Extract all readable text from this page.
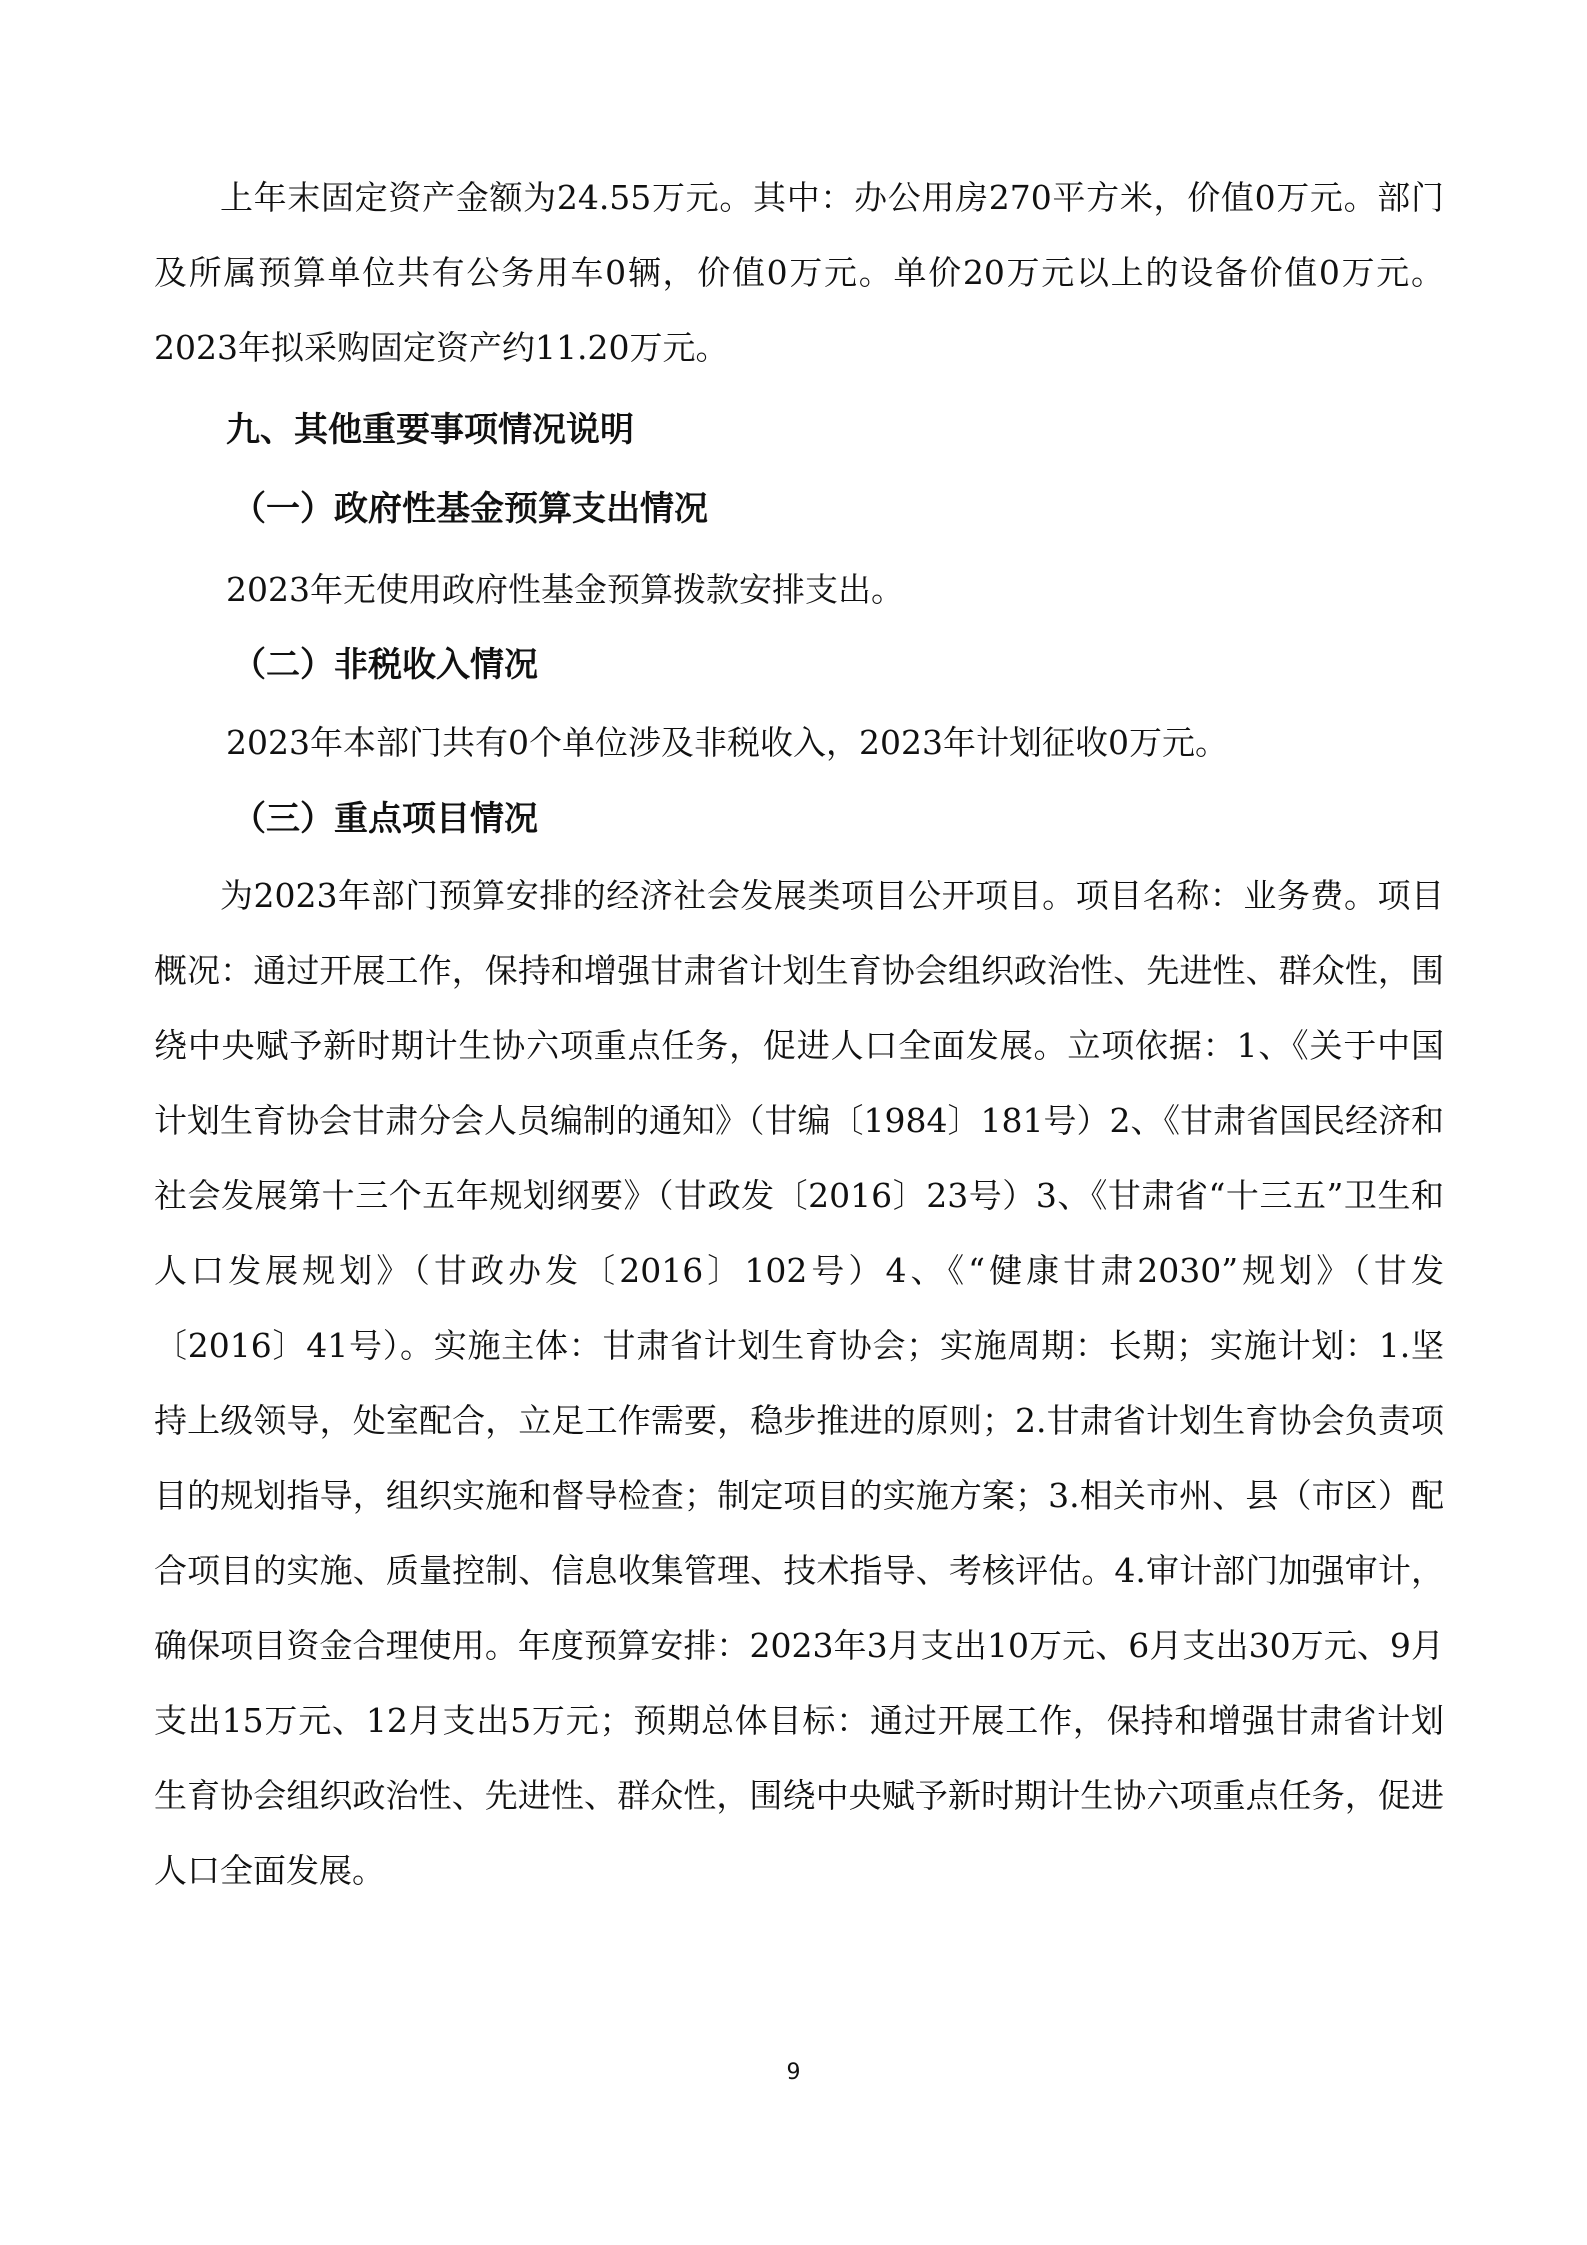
上年末固定资产金额为24.55万元。其中：办公用房270平方米，价值0万元。部门及所属预算单位共有公务用车0辆，价值0万元。单价20万元以上的设备价值0万元。2023年拟采购固定资产约11.20万元。

九、其他重要事项情况说明

（一）政府性基金预算支出情况

2023年无使用政府性基金预算拨款安排支出。

（二）非税收入情况

2023年本部门共有0个单位涉及非税收入，2023年计划征收0万元。

（三）重点项目情况

为2023年部门预算安排的经济社会发展类项目公开项目。项目名称：业务费。项目概况：通过开展工作，保持和增强甘肃省计划生育协会组织政治性、先进性、群众性，围绕中央赋予新时期计生协六项重点任务，促进人口全面发展。立项依据：1、《关于中国计划生育协会甘肃分会人员编制的通知》（甘编〔1984〕181号）2、《甘肃省国民经济和社会发展第十三个五年规划纲要》（甘政发〔2016〕23号）3、《甘肃省“十三五”卫生和人口发展规划》（甘政办发〔2016〕102号）4、《“健康甘肃2030”规划》（甘发〔2016〕41号）。实施主体：甘肃省计划生育协会；实施周期：长期；实施计划：1.坚持上级领导，处室配合，立足工作需要，稳步推进的原则；2.甘肃省计划生育协会负责项目的规划指导，组织实施和督导检查；制定项目的实施方案；3.相关市州、县（市区）配合项目的实施、质量控制、信息收集管理、技术指导、考核评估。4.审计部门加强审计，确保项目资金合理使用。年度预算安排：2023年3月支出10万元、6月支出30万元、9月支出15万元、12月支出5万元；预期总体目标：通过开展工作，保持和增强甘肃省计划生育协会组织政治性、先进性、群众性，围绕中央赋予新时期计生协六项重点任务，促进人口全面发展。

9
